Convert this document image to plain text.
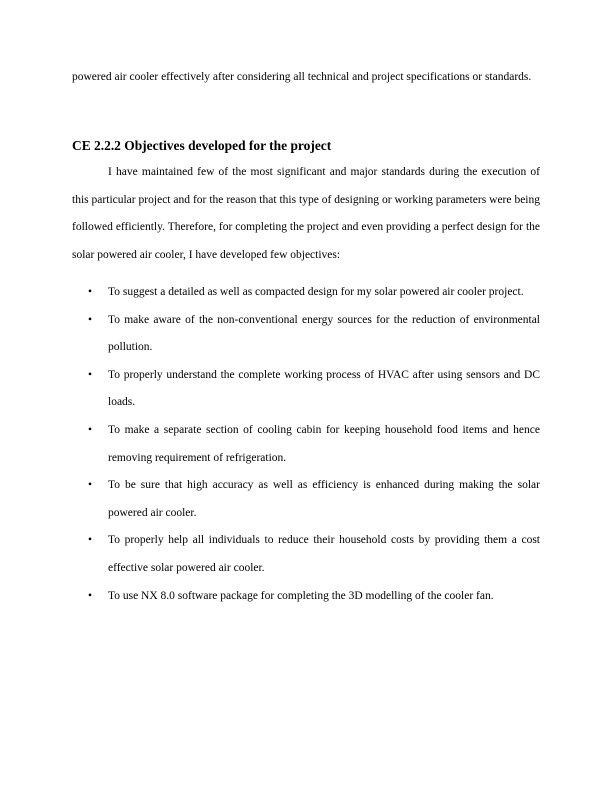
powered air cooler effectively after considering all technical and project specifications or standards.

CE 2.2.2 Objectives developed for the project

I have maintained few of the most significant and major standards during the execution of this particular project and for the reason that this type of designing or working parameters were being followed efficiently. Therefore, for completing the project and even providing a perfect design for the solar powered air cooler, I have developed few objectives:

• To suggest a detailed as well as compacted design for my solar powered air cooler project.
• To make aware of the non-conventional energy sources for the reduction of environmental pollution.
• To properly understand the complete working process of HVAC after using sensors and DC loads.
• To make a separate section of cooling cabin for keeping household food items and hence removing requirement of refrigeration.
• To be sure that high accuracy as well as efficiency is enhanced during making the solar powered air cooler.
• To properly help all individuals to reduce their household costs by providing them a cost effective solar powered air cooler.
• To use NX 8.0 software package for completing the 3D modelling of the cooler fan.
